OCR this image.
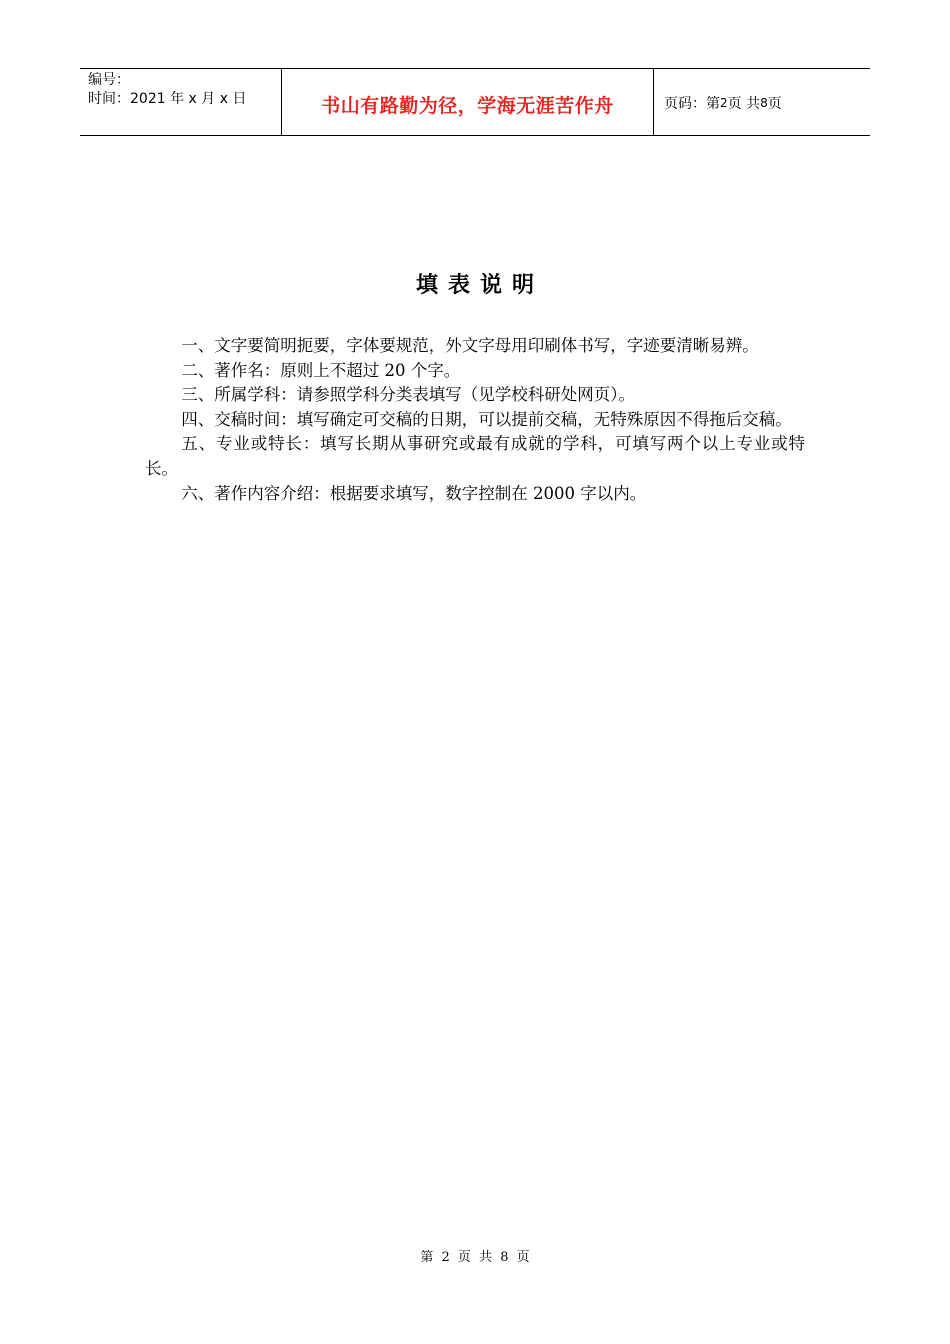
编号：
时间：2021 年 x 月 x 日	书山有路勤为径，学海无涯苦作舟	页码：第 2 页 共 8 页
填表说明

一、文字要简明扼要，字体要规范，外文字母用印刷体书写，字迹要清晰易辨。

二、著作名：原则上不超过 20 个字。

三、所属学科：请参照学科分类表填写（见学校科研处网页）。

四、交稿时间：填写确定可交稿的日期，可以提前交稿，无特殊原因不得拖后交稿。

五、专业或特长：填写长期从事研究或最有成就的学科，可填写两个以上专业或特长。

六、著作内容介绍：根据要求填写，数字控制在 2000 字以内。

第 2 页 共 8 页
